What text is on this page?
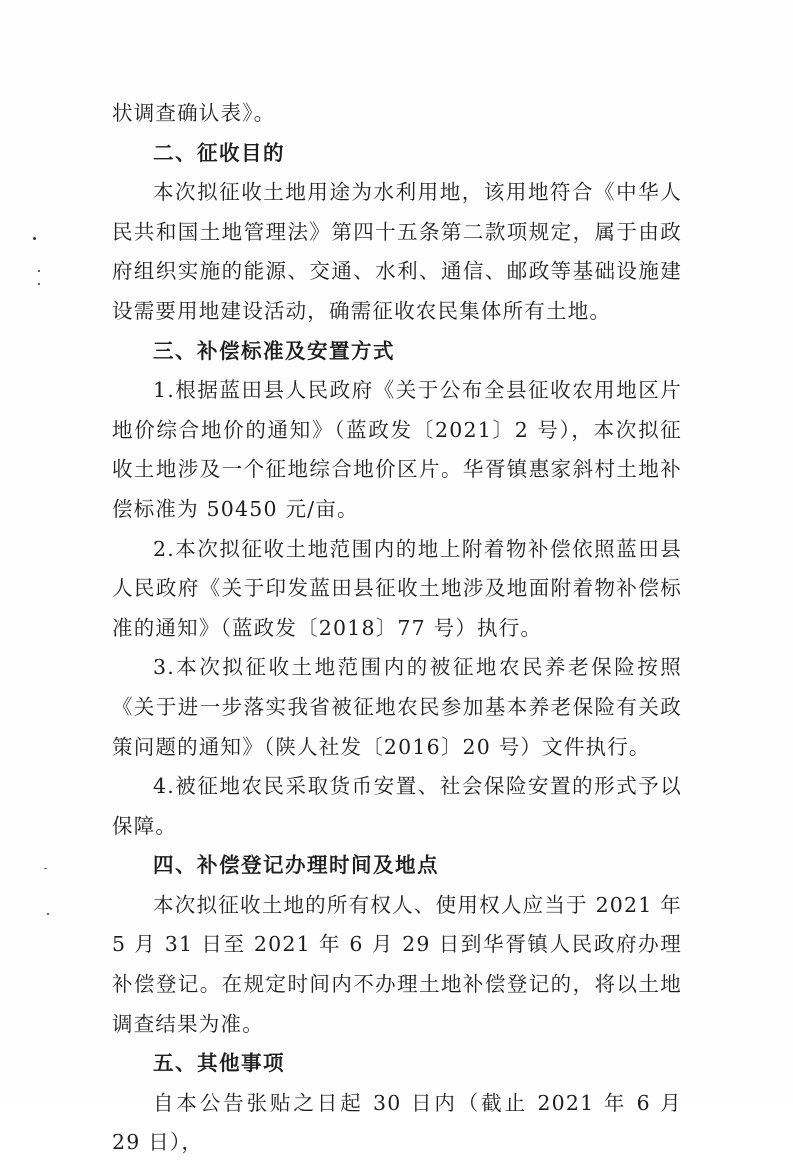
状调查确认表》。

二、征收目的

本次拟征收土地用途为水利用地，该用地符合《中华人民共和国土地管理法》第四十五条第二款项规定，属于由政府组织实施的能源、交通、水利、通信、邮政等基础设施建设需要用地建设活动，确需征收农民集体所有土地。

三、补偿标准及安置方式

1.根据蓝田县人民政府《关于公布全县征收农用地区片地价综合地价的通知》（蓝政发〔2021〕2 号），本次拟征收土地涉及一个征地综合地价区片。华胥镇惠家斜村土地补偿标准为 50450 元/亩。

2.本次拟征收土地范围内的地上附着物补偿依照蓝田县人民政府《关于印发蓝田县征收土地涉及地面附着物补偿标准的通知》（蓝政发〔2018〕77 号）执行。

3.本次拟征收土地范围内的被征地农民养老保险按照《关于进一步落实我省被征地农民参加基本养老保险有关政策问题的通知》（陕人社发〔2016〕20 号）文件执行。

4.被征地农民采取货币安置、社会保险安置的形式予以保障。

四、补偿登记办理时间及地点

本次拟征收土地的所有权人、使用权人应当于 2021 年 5 月 31 日至 2021 年 6 月 29 日到华胥镇人民政府办理补偿登记。在规定时间内不办理土地补偿登记的，将以土地调查结果为准。

五、其他事项

自本公告张贴之日起 30 日内（截止 2021 年 6 月 29 日），
